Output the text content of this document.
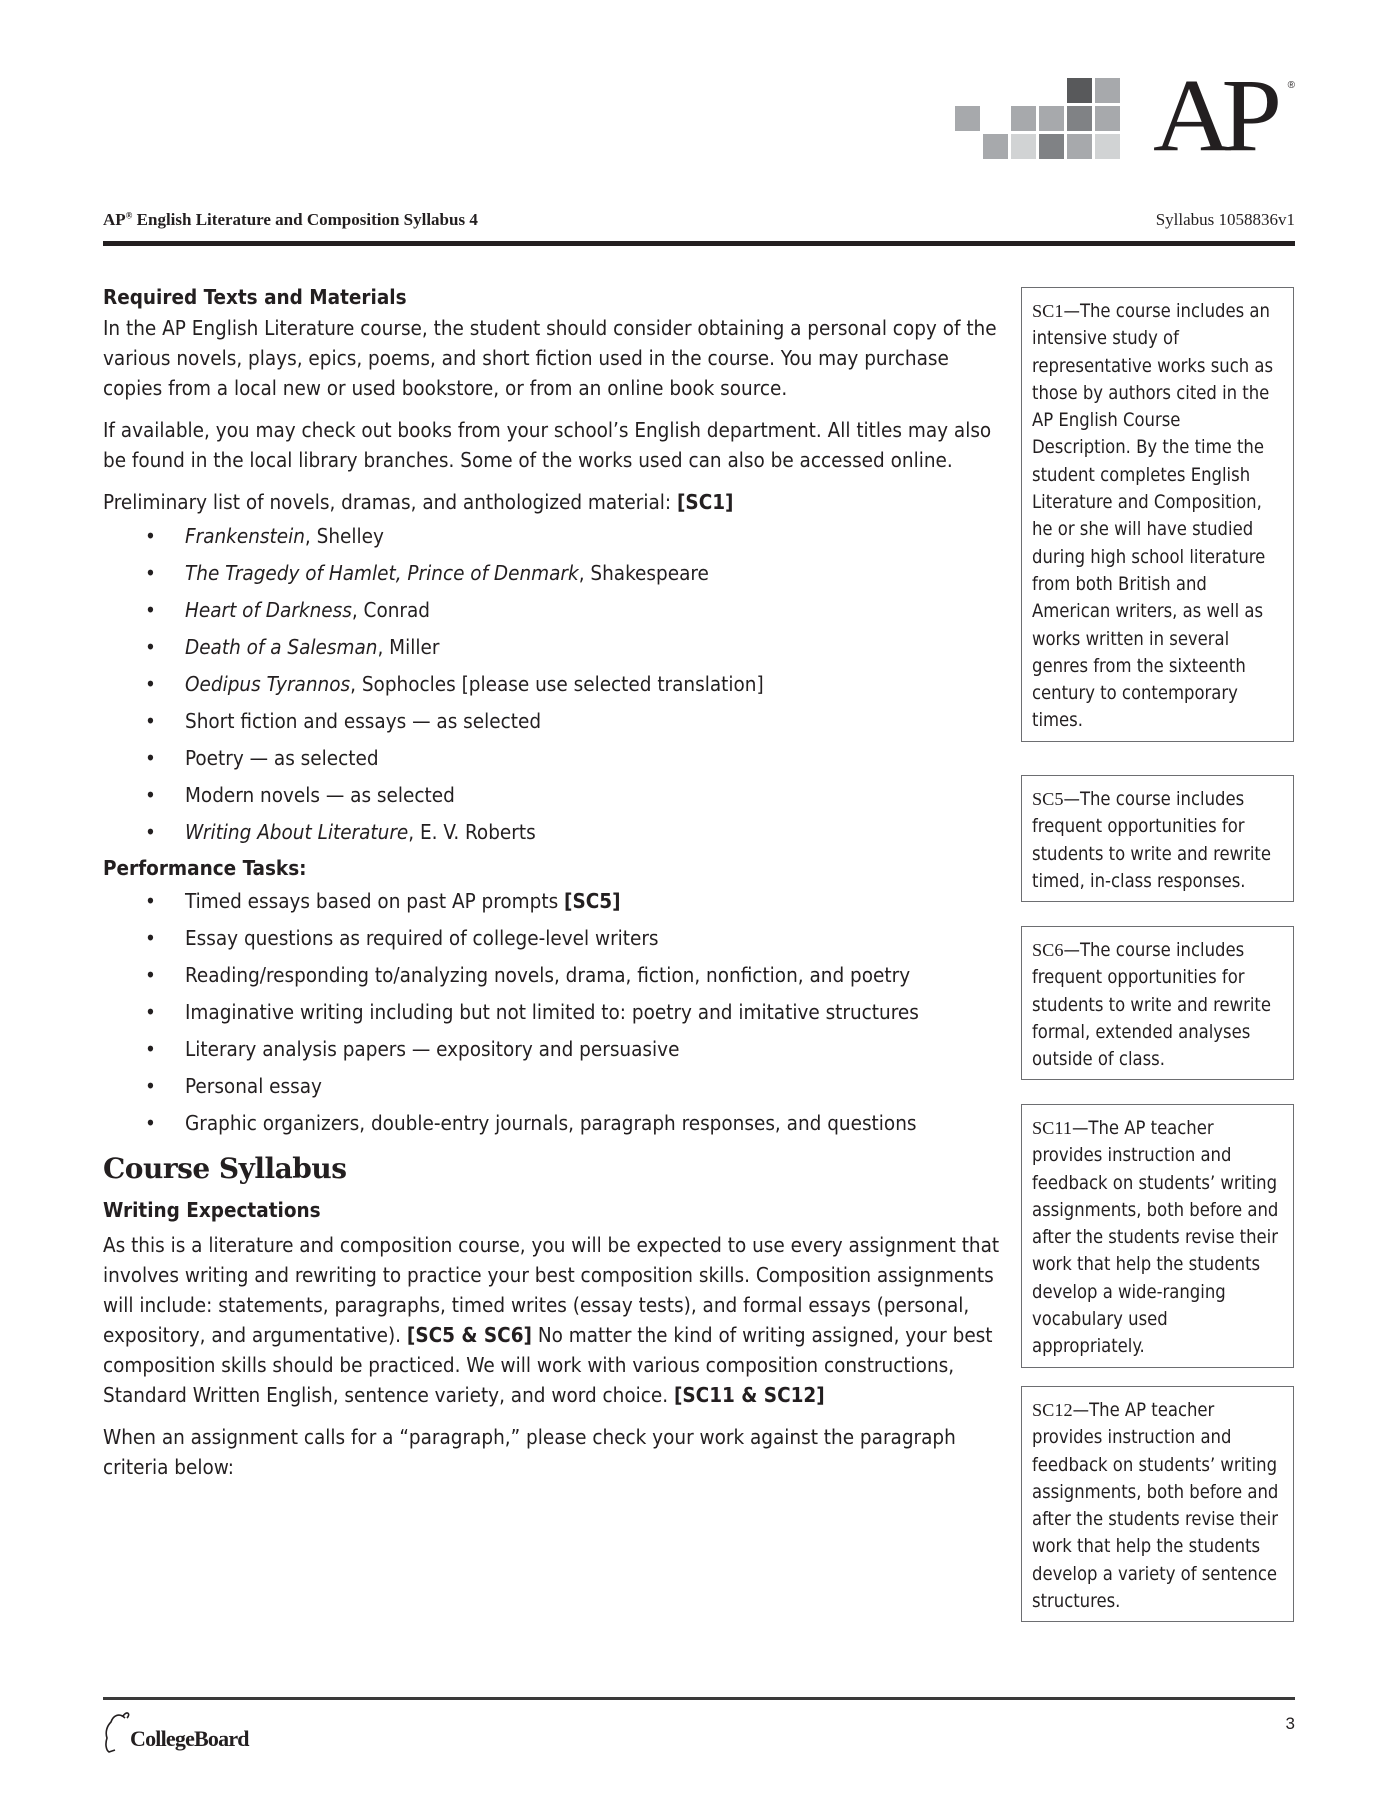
AP ®
AP® English Literature and Composition Syllabus 4	Syllabus 1058836v1
Required Texts and Materials

In the AP English Literature course, the student should consider obtaining a personal copy of the various novels, plays, epics, poems, and short fiction used in the course. You may purchase copies from a local new or used bookstore, or from an online book source.

If available, you may check out books from your school’s English department. All titles may also be found in the local library branches. Some of the works used can also be accessed online.

Preliminary list of novels, dramas, and anthologized material: [SC1]

• Frankenstein, Shelley
• The Tragedy of Hamlet, Prince of Denmark, Shakespeare
• Heart of Darkness, Conrad
• Death of a Salesman, Miller
• Oedipus Tyrannos, Sophocles [please use selected translation]
• Short fiction and essays — as selected
• Poetry — as selected
• Modern novels — as selected
• Writing About Literature, E. V. Roberts
Performance Tasks:
• Timed essays based on past AP prompts [SC5]
• Essay questions as required of college-level writers
• Reading/responding to/analyzing novels, drama, fiction, nonfiction, and poetry
• Imaginative writing including but not limited to: poetry and imitative structures
• Literary analysis papers — expository and persuasive
• Personal essay
• Graphic organizers, double-entry journals, paragraph responses, and questions
Course Syllabus
Writing Expectations

As this is a literature and composition course, you will be expected to use every assignment that involves writing and rewriting to practice your best composition skills. Composition assignments will include: statements, paragraphs, timed writes (essay tests), and formal essays (personal, expository, and argumentative). [SC5 & SC6] No matter the kind of writing assigned, your best composition skills should be practiced. We will work with various composition constructions, Standard Written English, sentence variety, and word choice. [SC11 & SC12]

When an assignment calls for a “paragraph,” please check your work against the paragraph criteria below:

SC1—The course includes an intensive study of representative works such as those by authors cited in the AP English Course Description. By the time the student completes English Literature and Composition, he or she will have studied during high school literature from both British and American writers, as well as works written in several genres from the sixteenth century to contemporary times.
SC5—The course includes frequent opportunities for students to write and rewrite timed, in-class responses.
SC6—The course includes frequent opportunities for students to write and rewrite formal, extended analyses outside of class.
SC11—The AP teacher provides instruction and feedback on students’ writing assignments, both before and after the students revise their work that help the students develop a wide-ranging vocabulary used appropriately.
SC12—The AP teacher provides instruction and feedback on students’ writing assignments, both before and after the students revise their work that help the students develop a variety of sentence structures.
CollegeBoard
3
